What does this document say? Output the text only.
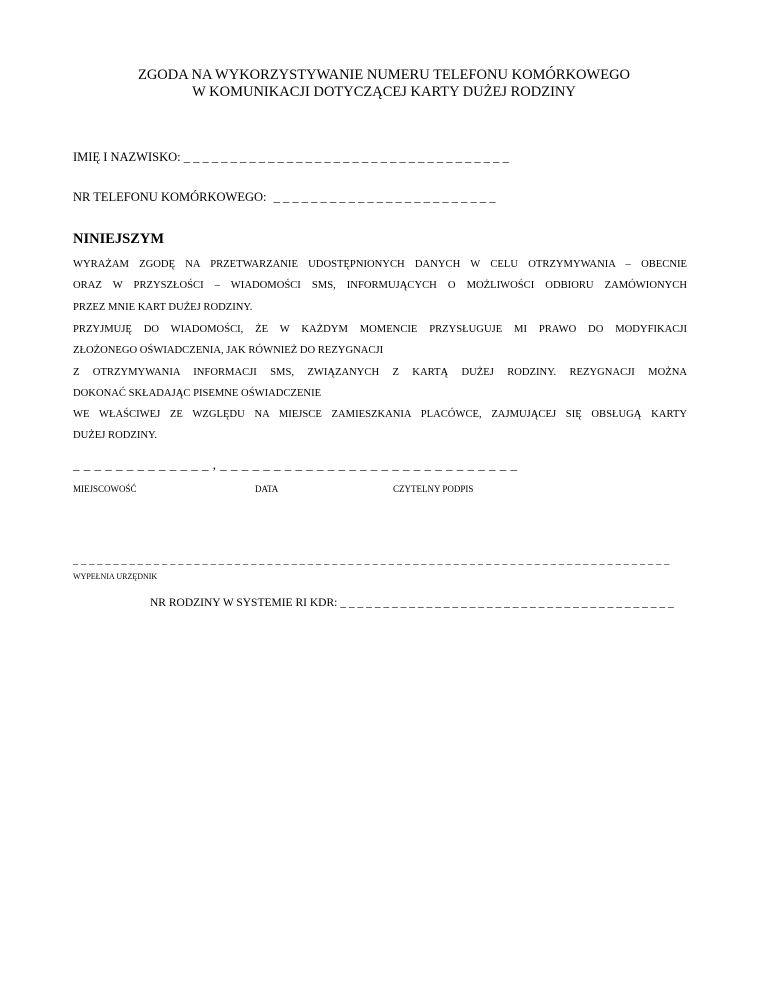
ZGODA NA WYKORZYSTYWANIE NUMERU TELEFONU KOMÓRKOWEGO
W KOMUNIKACJI DOTYCZĄCEJ KARTY DUŻEJ RODZINY
IMIĘ I NAZWISKO: _ _ _ _ _ _ _ _ _ _ _ _ _ _ _ _ _ _ _ _ _ _ _ _ _ _ _ _ _ _ _ _ _ _ _
NR TELEFONU KOMÓRKOWEGO: _ _ _ _ _ _ _ _ _ _ _ _ _ _ _ _ _ _ _ _ _ _ _ _
NINIEJSZYM
WYRAŻAM ZGODĘ NA PRZETWARZANIE UDOSTĘPNIONYCH DANYCH W CELU OTRZYMYWANIA – OBECNIE
ORAZ W PRZYSZŁOŚCI – WIADOMOŚCI SMS, INFORMUJĄCYCH O MOŻLIWOŚCI ODBIORU ZAMÓWIONYCH
PRZEZ MNIE KART DUŻEJ RODZINY.
PRZYJMUJĘ DO WIADOMOŚCI, ŻE W KAŻDYM MOMENCIE PRZYSŁUGUJE MI PRAWO DO MODYFIKACJI
ZŁOŻONEGO OŚWIADCZENIA, JAK RÓWNIEŻ DO REZYGNACJI
Z OTRZYMYWANIA INFORMACJI SMS, ZWIĄZANYCH Z KARTĄ DUŻEJ RODZINY. REZYGNACJI MOŻNA
DOKONAĆ SKŁADAJĄC PISEMNE OŚWIADCZENIE
WE WŁAŚCIWEJ ZE WZGLĘDU NA MIEJSCE ZAMIESZKANIA PLACÓWCE, ZAJMUJĄCEJ SIĘ OBSŁUGĄ KARTY
DUŻEJ RODZINY.
_ _ _ _ _ _ _ _ _ _ _ _ _ , _ _ _ _ _ _ _ _ _ _ _ _ _ _ _ _ _ _ _ _ _ _ _ _ _ _ _ _
MIEJSCOWOŚĆ	DATA	CZYTELNY PODPIS
_ _ _ _ _ _ _ _ _ _ _ _ _ _ _ _ _ _ _ _ _ _ _ _ _ _ _ _ _ _ _ _ _ _ _ _ _ _ _ _ _ _ _ _ _ _ _ _ _ _ _ _ _ _ _ _ _ _ _ _ _ _ _ _ _ _ _ _ _ _ _ _ _ _
WYPEŁNIA URZĘDNIK
NR RODZINY W SYSTEMIE RI KDR: _ _ _ _ _ _ _ _ _ _ _ _ _ _ _ _ _ _ _ _ _ _ _ _ _ _ _ _ _ _ _ _ _ _ _ _ _ _ _
